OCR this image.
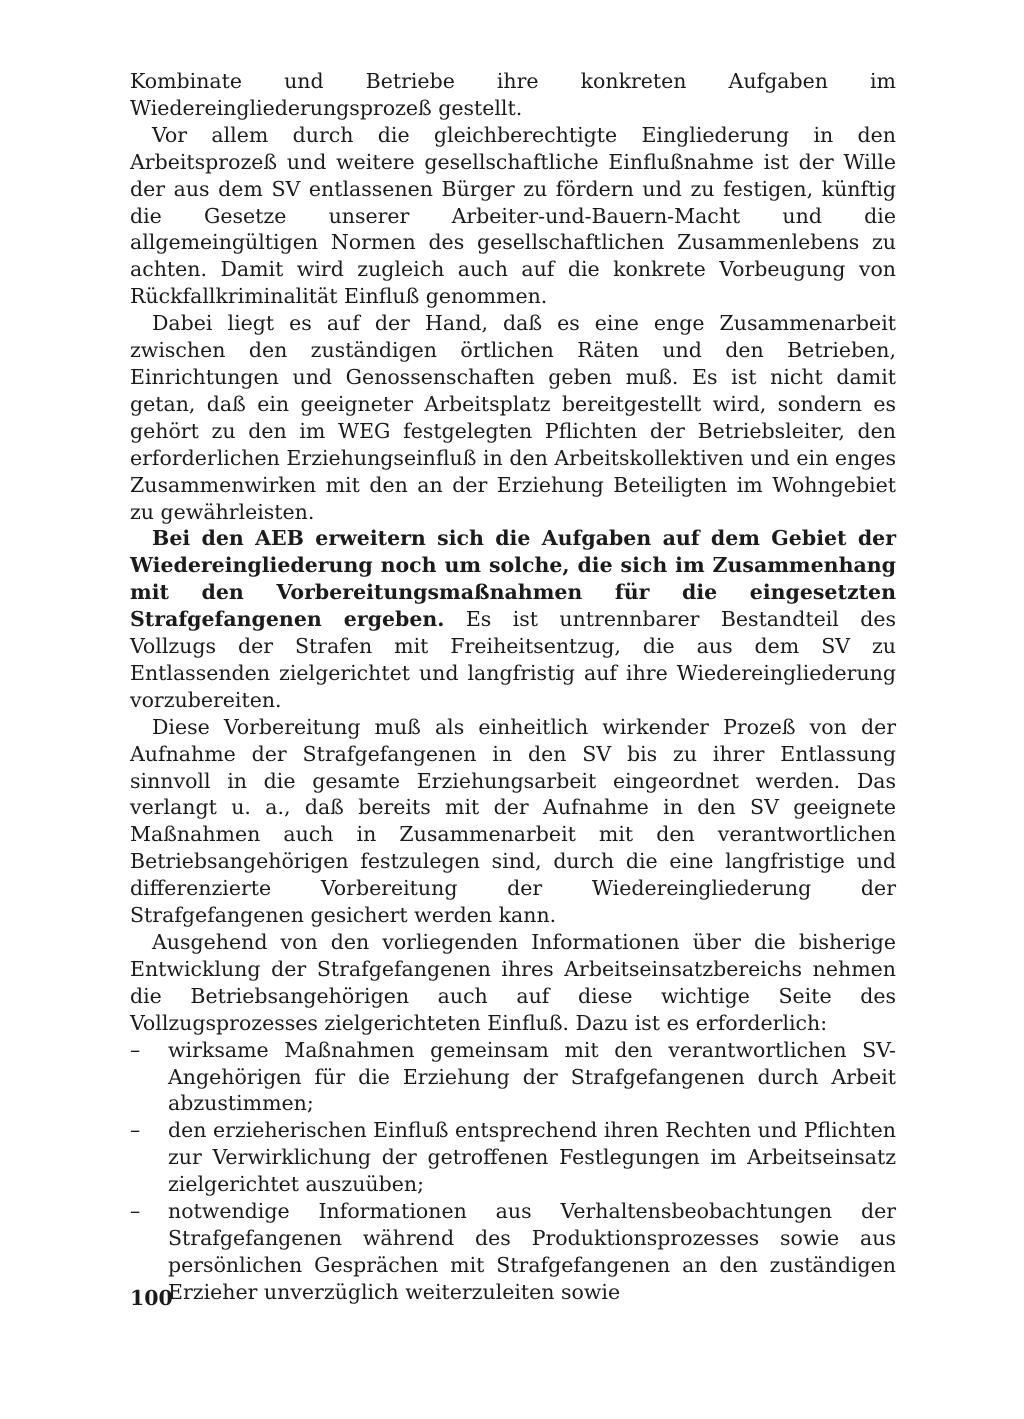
Kombinate und Betriebe ihre konkreten Aufgaben im Wiedereingliederungsprozeß gestellt.

Vor allem durch die gleichberechtigte Eingliederung in den Arbeitsprozeß und weitere gesellschaftliche Einflußnahme ist der Wille der aus dem SV entlassenen Bürger zu fördern und zu festigen, künftig die Gesetze unserer Arbeiter-und-Bauern-Macht und die allgemeingültigen Normen des gesellschaftlichen Zusammenlebens zu achten. Damit wird zugleich auch auf die konkrete Vorbeugung von Rückfallkriminalität Einfluß genommen.

Dabei liegt es auf der Hand, daß es eine enge Zusammenarbeit zwischen den zuständigen örtlichen Räten und den Betrieben, Einrichtungen und Genossenschaften geben muß. Es ist nicht damit getan, daß ein geeigneter Arbeitsplatz bereitgestellt wird, sondern es gehört zu den im WEG festgelegten Pflichten der Betriebsleiter, den erforderlichen Erziehungseinfluß in den Arbeitskollektiven und ein enges Zusammenwirken mit den an der Erziehung Beteiligten im Wohngebiet zu gewährleisten.

Bei den AEB erweitern sich die Aufgaben auf dem Gebiet der Wiedereingliederung noch um solche, die sich im Zusammenhang mit den Vorbereitungsmaßnahmen für die eingesetzten Strafgefangenen ergeben. Es ist untrennbarer Bestandteil des Vollzugs der Strafen mit Freiheitsentzug, die aus dem SV zu Entlassenden zielgerichtet und langfristig auf ihre Wiedereingliederung vorzubereiten.

Diese Vorbereitung muß als einheitlich wirkender Prozeß von der Aufnahme der Strafgefangenen in den SV bis zu ihrer Entlassung sinnvoll in die gesamte Erziehungsarbeit eingeordnet werden. Das verlangt u. a., daß bereits mit der Aufnahme in den SV geeignete Maßnahmen auch in Zusammenarbeit mit den verantwortlichen Betriebsangehörigen festzulegen sind, durch die eine langfristige und differenzierte Vorbereitung der Wiedereingliederung der Strafgefangenen gesichert werden kann.

Ausgehend von den vorliegenden Informationen über die bisherige Entwicklung der Strafgefangenen ihres Arbeitseinsatzbereichs nehmen die Betriebsangehörigen auch auf diese wichtige Seite des Vollzugsprozesses zielgerichteten Einfluß. Dazu ist es erforderlich:

– wirksame Maßnahmen gemeinsam mit den verantwortlichen SV-Angehörigen für die Erziehung der Strafgefangenen durch Arbeit abzustimmen;
– den erzieherischen Einfluß entsprechend ihren Rechten und Pflichten zur Verwirklichung der getroffenen Festlegungen im Arbeitseinsatz zielgerichtet auszuüben;
– notwendige Informationen aus Verhaltensbeobachtungen der Strafgefangenen während des Produktionsprozesses sowie aus persönlichen Gesprächen mit Strafgefangenen an den zuständigen Erzieher unverzüglich weiterzuleiten sowie
100
